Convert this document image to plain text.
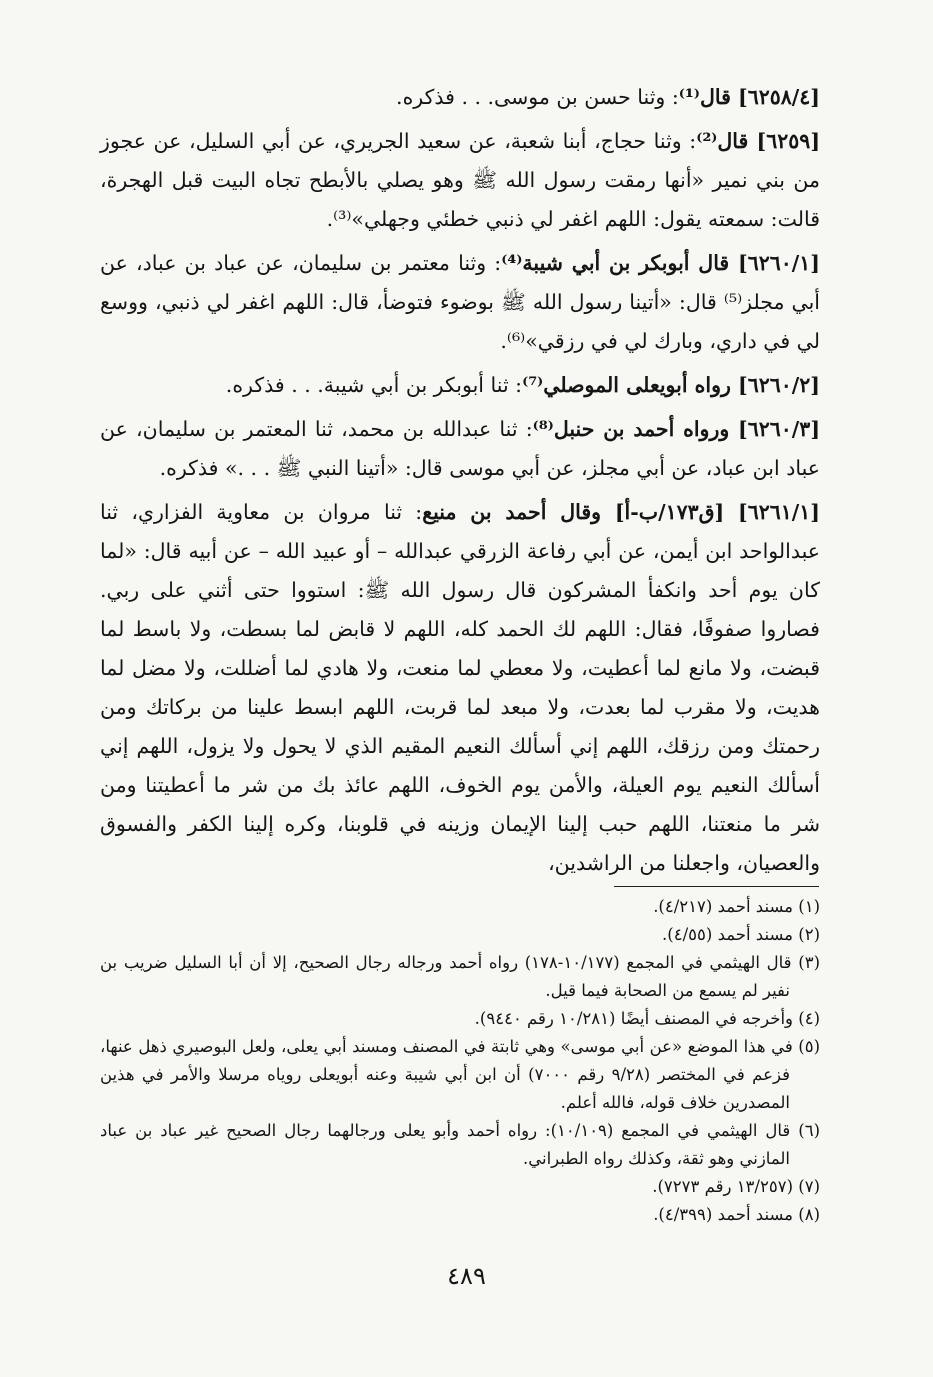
[٦٢٥٨/٤] قال⁽¹⁾: وثنا حسن بن موسى. . . فذكره.

[٦٢٥٩] قال⁽²⁾: وثنا حجاج، أبنا شعبة، عن سعيد الجريري، عن أبي السليل، عن عجوز من بني نمير «أنها رمقت رسول الله ﷺ وهو يصلي بالأبطح تجاه البيت قبل الهجرة، قالت: سمعته يقول: اللهم اغفر لي ذنبي خطئي وجهلي»⁽³⁾.

[٦٢٦٠/١] قال أبوبكر بن أبي شيبة⁽⁴⁾: وثنا معتمر بن سليمان، عن عباد بن عباد، عن أبي مجلز⁽⁵⁾ قال: «أتينا رسول الله ﷺ بوضوء فتوضأ، قال: اللهم اغفر لي ذنبي، ووسع لي في داري، وبارك لي في رزقي»⁽⁶⁾.

[٦٢٦٠/٢] رواه أبويعلى الموصلي⁽⁷⁾: ثنا أبوبكر بن أبي شيبة. . . فذكره.

[٦٢٦٠/٣] ورواه أحمد بن حنبل⁽⁸⁾: ثنا عبدالله بن محمد، ثنا المعتمر بن سليمان، عن عباد ابن عباد، عن أبي مجلز، عن أبي موسى قال: «أتينا النبي ﷺ . . .» فذكره.

[٦٢٦١/١] [ق١٧٣/ب-أ] وقال أحمد بن منيع: ثنا مروان بن معاوية الفزاري، ثنا عبدالواحد ابن أيمن، عن أبي رفاعة الزرقي عبدالله – أو عبيد الله – عن أبيه قال: «لما كان يوم أحد وانكفأ المشركون قال رسول الله ﷺ: استووا حتى أثني على ربي. فصاروا صفوفًا، فقال: اللهم لك الحمد كله، اللهم لا قابض لما بسطت، ولا باسط لما قبضت، ولا مانع لما أعطيت، ولا معطي لما منعت، ولا هادي لما أضللت، ولا مضل لما هديت، ولا مقرب لما بعدت، ولا مبعد لما قربت، اللهم ابسط علينا من بركاتك ومن رحمتك ومن رزقك، اللهم إني أسألك النعيم المقيم الذي لا يحول ولا يزول، اللهم إني أسألك النعيم يوم العيلة، والأمن يوم الخوف، اللهم عائذ بك من شر ما أعطيتنا ومن شر ما منعتنا، اللهم حبب إلينا الإيمان وزينه في قلوبنا، وكره إلينا الكفر والفسوق والعصيان، واجعلنا من الراشدين،

(١) مسند أحمد (٤/٢١٧).

(٢) مسند أحمد (٤/٥٥).

(٣) قال الهيثمي في المجمع (١٠/١٧٧-١٧٨) رواه أحمد ورجاله رجال الصحيح، إلا أن أبا السليل ضريب بن نفير لم يسمع من الصحابة فيما قيل.

(٤) وأخرجه في المصنف أيضًا (١٠/٢٨١ رقم ٩٤٤٠).

(٥) في هذا الموضع «عن أبي موسى» وهي ثابتة في المصنف ومسند أبي يعلى، ولعل البوصيري ذهل عنها، فزعم في المختصر (٩/٢٨ رقم ٧٠٠٠) أن ابن أبي شيبة وعنه أبويعلى روياه مرسلا والأمر في هذين المصدرين خلاف قوله، فالله أعلم.

(٦) قال الهيثمي في المجمع (١٠/١٠٩): رواه أحمد وأبو يعلى ورجالهما رجال الصحيح غير عباد بن عباد المازني وهو ثقة، وكذلك رواه الطبراني.

(٧) (١٣/٢٥٧ رقم ٧٢٧٣).

(٨) مسند أحمد (٤/٣٩٩).

٤٨٩
